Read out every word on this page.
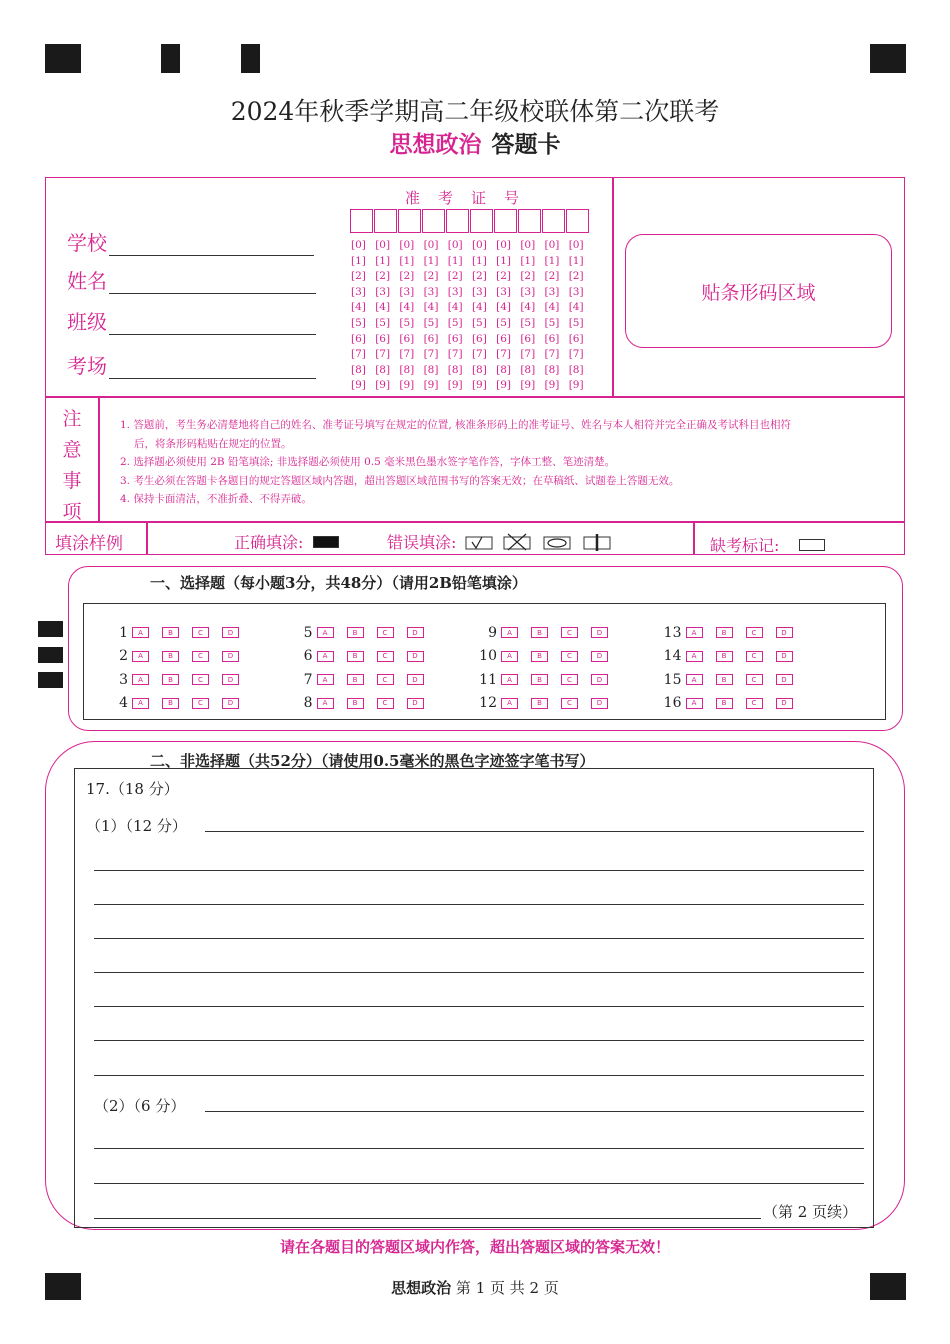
2024年秋季学期高二年级校联体第二次联考
思想政治 答题卡
学校
姓名
班级
考场
准考证号
[0] [0] [0] [0] [0] [0] [0] [0] [0] [0]
[1] [1] [1] [1] [1] [1] [1] [1] [1] [1]
[2] [2] [2] [2] [2] [2] [2] [2] [2] [2]
[3] [3] [3] [3] [3] [3] [3] [3] [3] [3]
[4] [4] [4] [4] [4] [4] [4] [4] [4] [4]
[5] [5] [5] [5] [5] [5] [5] [5] [5] [5]
[6] [6] [6] [6] [6] [6] [6] [6] [6] [6]
[7] [7] [7] [7] [7] [7] [7] [7] [7] [7]
[8] [8] [8] [8] [8] [8] [8] [8] [8] [8]
[9] [9] [9] [9] [9] [9] [9] [9] [9] [9]
贴条形码区域
注
意
事
项

1. 答题前，考生务必清楚地将自己的姓名、准考证号填写在规定的位置, 核准条形码上的准考证号、姓名与本人相符并完全正确及考试科目也相符

后，将条形码粘贴在规定的位置。

2. 选择题必须使用 2B 铅笔填涂; 非选择题必须使用 0.5 毫米黑色墨水签字笔作答，字体工整、笔迹清楚。

3. 考生必须在答题卡各题目的规定答题区域内答题，超出答题区域范围书写的答案无效；在草稿纸、试题卷上答题无效。

4. 保持卡面清洁，不准折叠、不得弄破。

填涂样例	正确填涂:	错误填涂:	缺考标记:
一、选择题（每小题3分，共48分）（请用2B铅笔填涂）
1	A	B	C	D	5	A	B	C	D	9	A	B	C	D	13	A	B	C	D
2	A	B	C	D	6	A	B	C	D	10	A	B	C	D	14	A	B	C	D
3	A	B	C	D	7	A	B	C	D	11	A	B	C	D	15	A	B	C	D
4	A	B	C	D	8	A	B	C	D	12	A	B	C	D	16	A	B	C	D
二、非选择题（共52分）（请使用0.5毫米的黑色字迹签字笔书写）
17.（18 分）
（1）（12 分）
（2）（6 分）
（第 2 页续）
请在各题目的答题区域内作答，超出答题区域的答案无效！
思想政治 第 1 页 共 2 页
